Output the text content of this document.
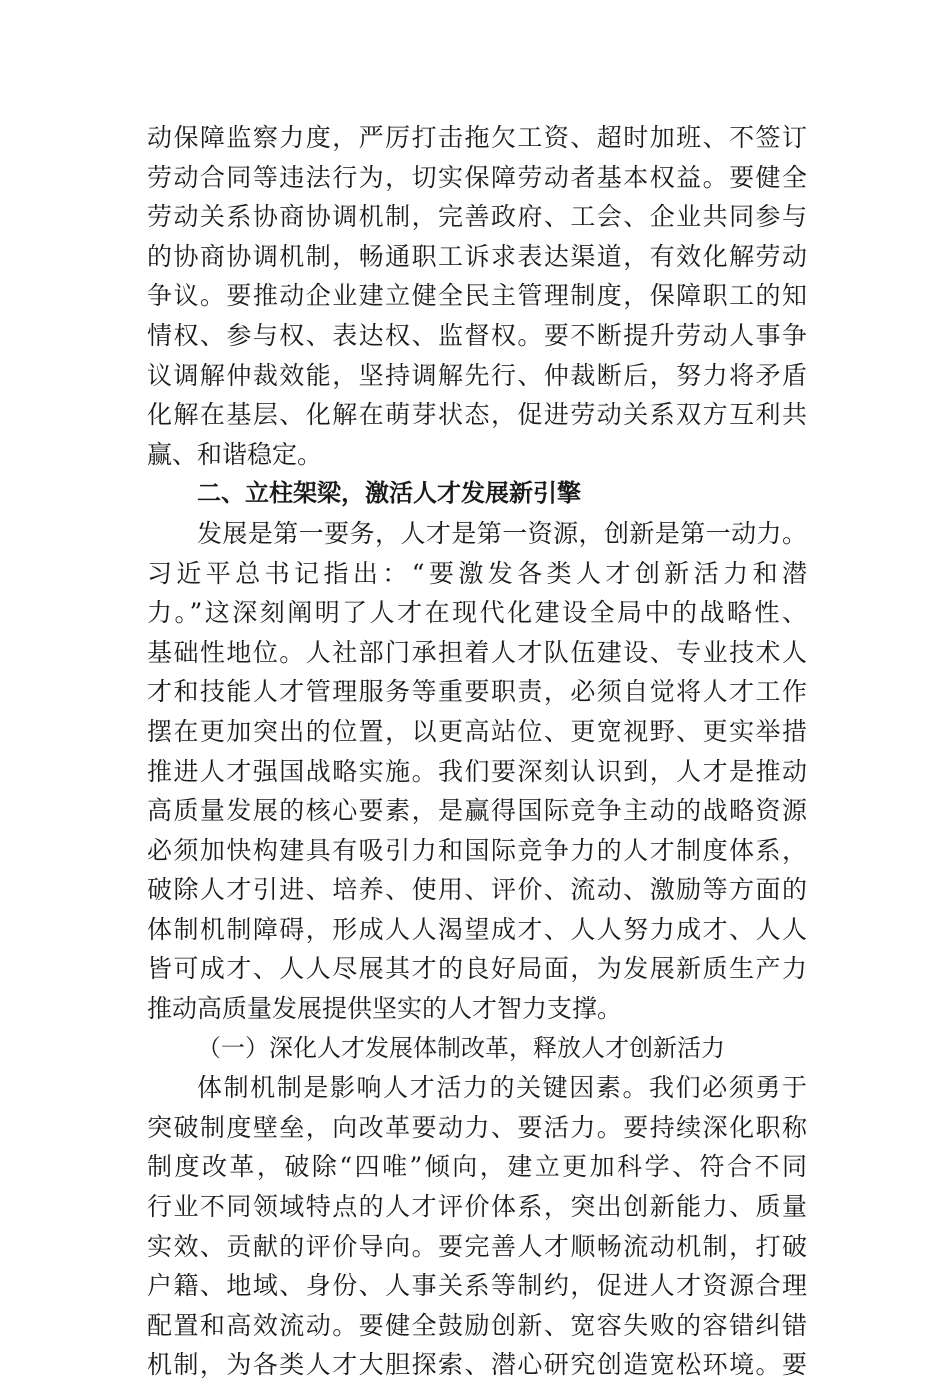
动保障监察力度，严厉打击拖欠工资、超时加班、不签订
劳动合同等违法行为，切实保障劳动者基本权益。要健全
劳动关系协商协调机制，完善政府、工会、企业共同参与
的协商协调机制，畅通职工诉求表达渠道，有效化解劳动
争议。要推动企业建立健全民主管理制度，保障职工的知
情权、参与权、表达权、监督权。要不断提升劳动人事争
议调解仲裁效能，坚持调解先行、仲裁断后，努力将矛盾
化解在基层、化解在萌芽状态，促进劳动关系双方互利共
赢、和谐稳定。
二、立柱架梁，激活人才发展新引擎
发展是第一要务，人才是第一资源，创新是第一动力。
习近平总书记指出：“要激发各类人才创新活力和潜
力。”这深刻阐明了人才在现代化建设全局中的战略性、
基础性地位。人社部门承担着人才队伍建设、专业技术人
才和技能人才管理服务等重要职责，必须自觉将人才工作
摆在更加突出的位置，以更高站位、更宽视野、更实举措
推进人才强国战略实施。我们要深刻认识到，人才是推动
高质量发展的核心要素，是赢得国际竞争主动的战略资源
必须加快构建具有吸引力和国际竞争力的人才制度体系，
破除人才引进、培养、使用、评价、流动、激励等方面的
体制机制障碍，形成人人渴望成才、人人努力成才、人人
皆可成才、人人尽展其才的良好局面，为发展新质生产力
推动高质量发展提供坚实的人才智力支撑。
（一）深化人才发展体制改革，释放人才创新活力
体制机制是影响人才活力的关键因素。我们必须勇于
突破制度壁垒，向改革要动力、要活力。要持续深化职称
制度改革，破除“四唯”倾向，建立更加科学、符合不同
行业不同领域特点的人才评价体系，突出创新能力、质量
实效、贡献的评价导向。要完善人才顺畅流动机制，打破
户籍、地域、身份、人事关系等制约，促进人才资源合理
配置和高效流动。要健全鼓励创新、宽容失败的容错纠错
机制，为各类人才大胆探索、潜心研究创造宽松环境。要
